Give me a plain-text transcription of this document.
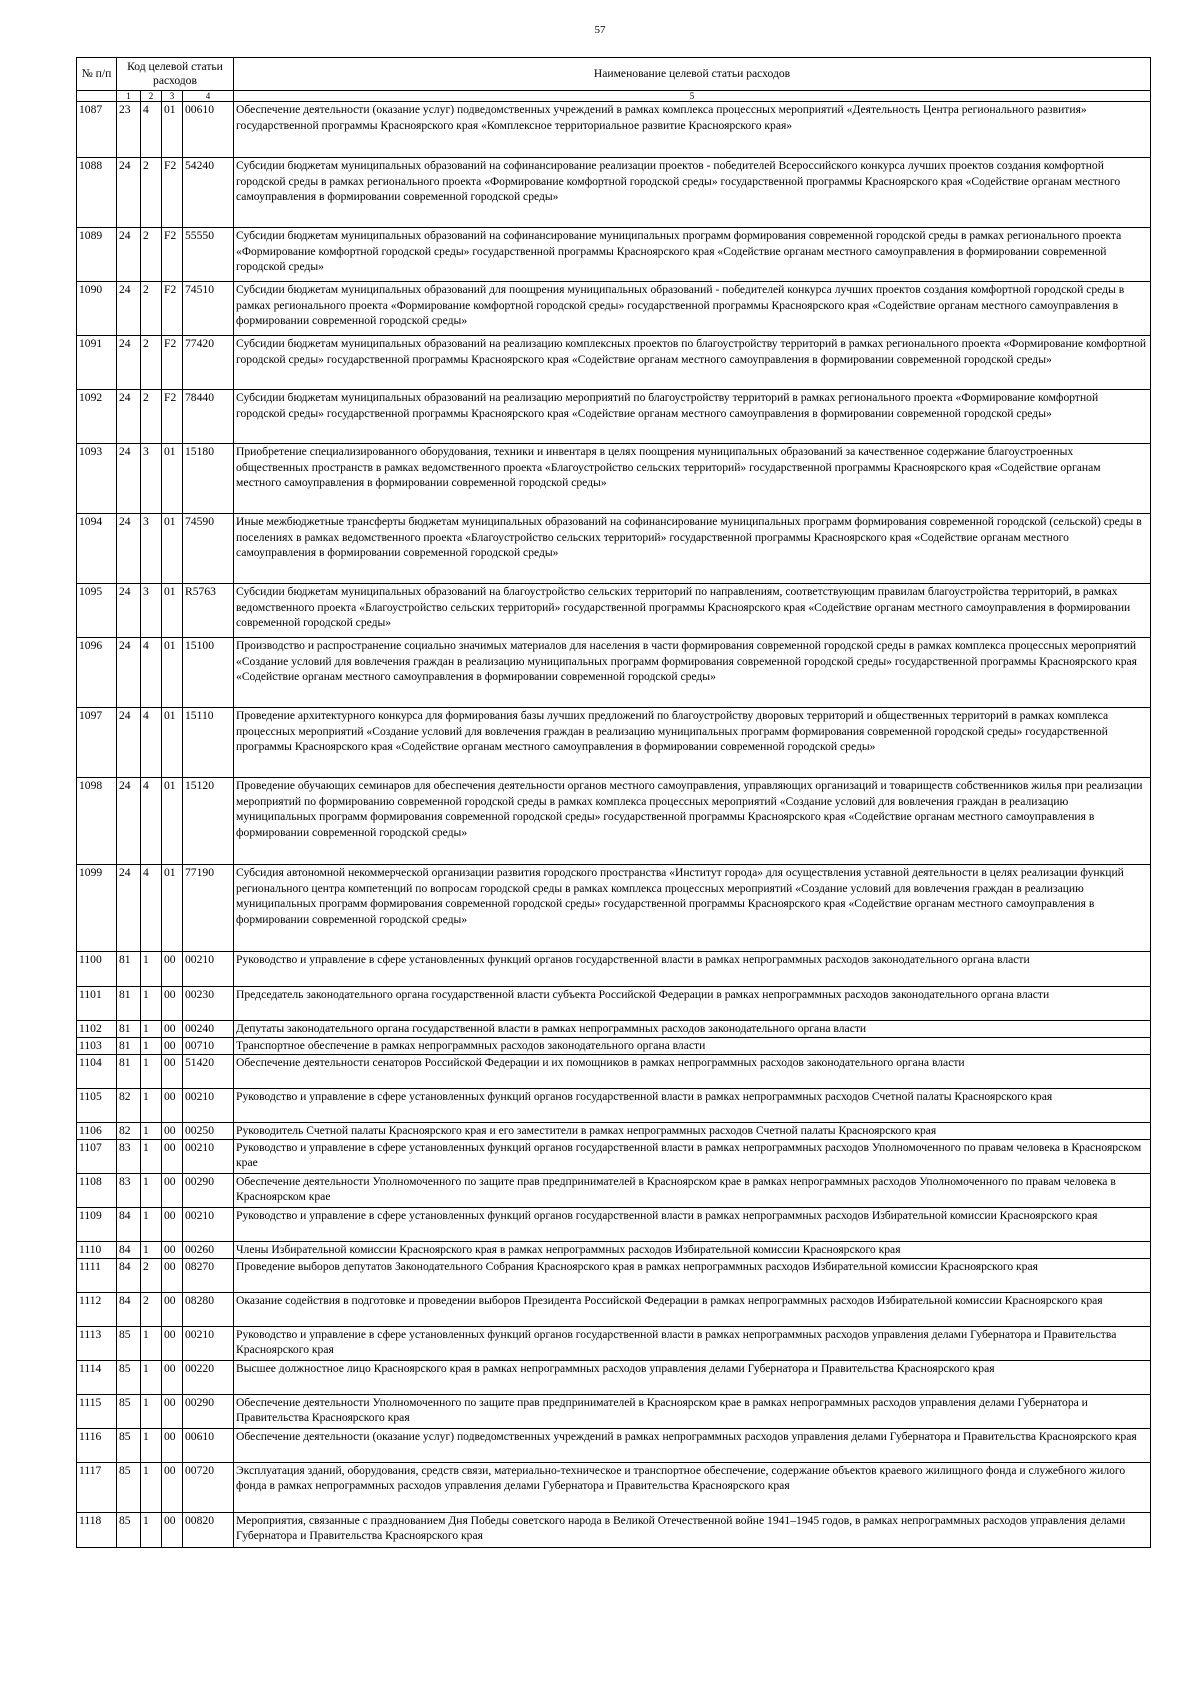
57
№ п/п	Код целевой статьи расходов				Наименование целевой статьи расходов
	1	2	3	4	5
1087	23	4	01	00610	Обеспечение деятельности (оказание услуг) подведомственных учреждений в рамках комплекса процессных мероприятий «Деятельность Центра регионального развития» государственной программы Красноярского края «Комплексное территориальное развитие Красноярского края»
1088	24	2	F2	54240	Субсидии бюджетам муниципальных образований на софинансирование реализации проектов - победителей Всероссийского конкурса лучших проектов создания комфортной городской среды в рамках регионального проекта «Формирование комфортной городской среды» государственной программы Красноярского края «Содействие органам местного самоуправления в формировании современной городской среды»
1089	24	2	F2	55550	Субсидии бюджетам муниципальных образований на софинансирование муниципальных программ формирования современной городской среды в рамках регионального проекта «Формирование комфортной городской среды» государственной программы Красноярского края «Содействие органам местного самоуправления в формировании современной городской среды»
1090	24	2	F2	74510	Субсидии бюджетам муниципальных образований для поощрения муниципальных образований - победителей конкурса лучших проектов создания комфортной городской среды в рамках регионального проекта «Формирование комфортной городской среды» государственной программы Красноярского края «Содействие органам местного самоуправления в формировании современной городской среды»
1091	24	2	F2	77420	Субсидии бюджетам муниципальных образований на реализацию комплексных проектов по благоустройству территорий в рамках регионального проекта «Формирование комфортной городской среды» государственной программы Красноярского края «Содействие органам местного самоуправления в формировании современной городской среды»
1092	24	2	F2	78440	Субсидии бюджетам муниципальных образований на реализацию мероприятий по благоустройству территорий в рамках регионального проекта «Формирование комфортной городской среды» государственной программы Красноярского края «Содействие органам местного самоуправления в формировании современной городской среды»
1093	24	3	01	15180	Приобретение специализированного оборудования, техники и инвентаря в целях поощрения муниципальных образований за качественное содержание благоустроенных общественных пространств в рамках ведомственного проекта «Благоустройство сельских территорий» государственной программы Красноярского края «Содействие органам местного самоуправления в формировании современной городской среды»
1094	24	3	01	74590	Иные межбюджетные трансферты бюджетам муниципальных образований на софинансирование муниципальных программ формирования современной городской (сельской) среды в поселениях в рамках ведомственного проекта «Благоустройство сельских территорий» государственной программы Красноярского края «Содействие органам местного самоуправления в формировании современной городской среды»
1095	24	3	01	R5763	Субсидии бюджетам муниципальных образований на благоустройство сельских территорий по направлениям, соответствующим правилам благоустройства территорий, в рамках ведомственного проекта «Благоустройство сельских территорий» государственной программы Красноярского края «Содействие органам местного самоуправления в формировании современной городской среды»
1096	24	4	01	15100	Производство и распространение социально значимых материалов для населения в части формирования современной городской среды в рамках комплекса процессных мероприятий «Создание условий для вовлечения граждан в реализацию муниципальных программ формирования современной городской среды» государственной программы Красноярского края «Содействие органам местного самоуправления в формировании современной городской среды»
1097	24	4	01	15110	Проведение архитектурного конкурса для формирования базы лучших предложений по благоустройству дворовых территорий и общественных территорий в рамках комплекса процессных мероприятий «Создание условий для вовлечения граждан в реализацию муниципальных программ формирования современной городской среды» государственной программы Красноярского края «Содействие органам местного самоуправления в формировании современной городской среды»
1098	24	4	01	15120	Проведение обучающих семинаров для обеспечения деятельности органов местного самоуправления, управляющих организаций и товариществ собственников жилья при реализации мероприятий по формированию современной городской среды в рамках комплекса процессных мероприятий «Создание условий для вовлечения граждан в реализацию муниципальных программ формирования современной городской среды» государственной программы Красноярского края «Содействие органам местного самоуправления в формировании современной городской среды»
1099	24	4	01	77190	Субсидия автономной некоммерческой организации развития городского пространства «Институт города» для осуществления уставной деятельности в целях реализации функций регионального центра компетенций по вопросам городской среды в рамках комплекса процессных мероприятий «Создание условий для вовлечения граждан в реализацию муниципальных программ формирования современной городской среды» государственной программы Красноярского края «Содействие органам местного самоуправления в формировании современной городской среды»
1100	81	1	00	00210	Руководство и управление в сфере установленных функций органов государственной власти в рамках непрограммных расходов законодательного органа власти
1101	81	1	00	00230	Председатель законодательного органа государственной власти субъекта Российской Федерации в рамках непрограммных расходов законодательного органа власти
1102	81	1	00	00240	Депутаты законодательного органа государственной власти в рамках непрограммных расходов законодательного органа власти
1103	81	1	00	00710	Транспортное обеспечение в рамках непрограммных расходов законодательного органа власти
1104	81	1	00	51420	Обеспечение деятельности сенаторов Российской Федерации и их помощников в рамках непрограммных расходов законодательного органа власти
1105	82	1	00	00210	Руководство и управление в сфере установленных функций органов государственной власти в рамках непрограммных расходов Счетной палаты Красноярского края
1106	82	1	00	00250	Руководитель Счетной палаты Красноярского края и его заместители в рамках непрограммных расходов Счетной палаты Красноярского края
1107	83	1	00	00210	Руководство и управление в сфере установленных функций органов государственной власти в рамках непрограммных расходов Уполномоченного по правам человека в Красноярском крае
1108	83	1	00	00290	Обеспечение деятельности Уполномоченного по защите прав предпринимателей в Красноярском крае в рамках непрограммных расходов Уполномоченного по правам человека в Красноярском крае
1109	84	1	00	00210	Руководство и управление в сфере установленных функций органов государственной власти в рамках непрограммных расходов Избирательной комиссии Красноярского края
1110	84	1	00	00260	Члены Избирательной комиссии Красноярского края в рамках непрограммных расходов Избирательной комиссии Красноярского края
1111	84	2	00	08270	Проведение выборов депутатов Законодательного Собрания Красноярского края в рамках непрограммных расходов Избирательной комиссии Красноярского края
1112	84	2	00	08280	Оказание содействия в подготовке и проведении выборов Президента Российской Федерации в рамках непрограммных расходов Избирательной комиссии Красноярского края
1113	85	1	00	00210	Руководство и управление в сфере установленных функций органов государственной власти в рамках непрограммных расходов управления делами Губернатора и Правительства Красноярского края
1114	85	1	00	00220	Высшее должностное лицо Красноярского края в рамках непрограммных расходов управления делами Губернатора и Правительства Красноярского края
1115	85	1	00	00290	Обеспечение деятельности Уполномоченного по защите прав предпринимателей в Красноярском крае в рамках непрограммных расходов управления делами Губернатора и Правительства Красноярского края
1116	85	1	00	00610	Обеспечение деятельности (оказание услуг) подведомственных учреждений в рамках непрограммных расходов управления делами Губернатора и Правительства Красноярского края
1117	85	1	00	00720	Эксплуатация зданий, оборудования, средств связи, материально-техническое и транспортное обеспечение, содержание объектов краевого жилищного фонда и служебного жилого фонда в рамках непрограммных расходов управления делами Губернатора и Правительства Красноярского края
1118	85	1	00	00820	Мероприятия, связанные с празднованием Дня Победы советского народа в Великой Отечественной войне 1941–1945 годов, в рамках непрограммных расходов управления делами Губернатора и Правительства Красноярского края
